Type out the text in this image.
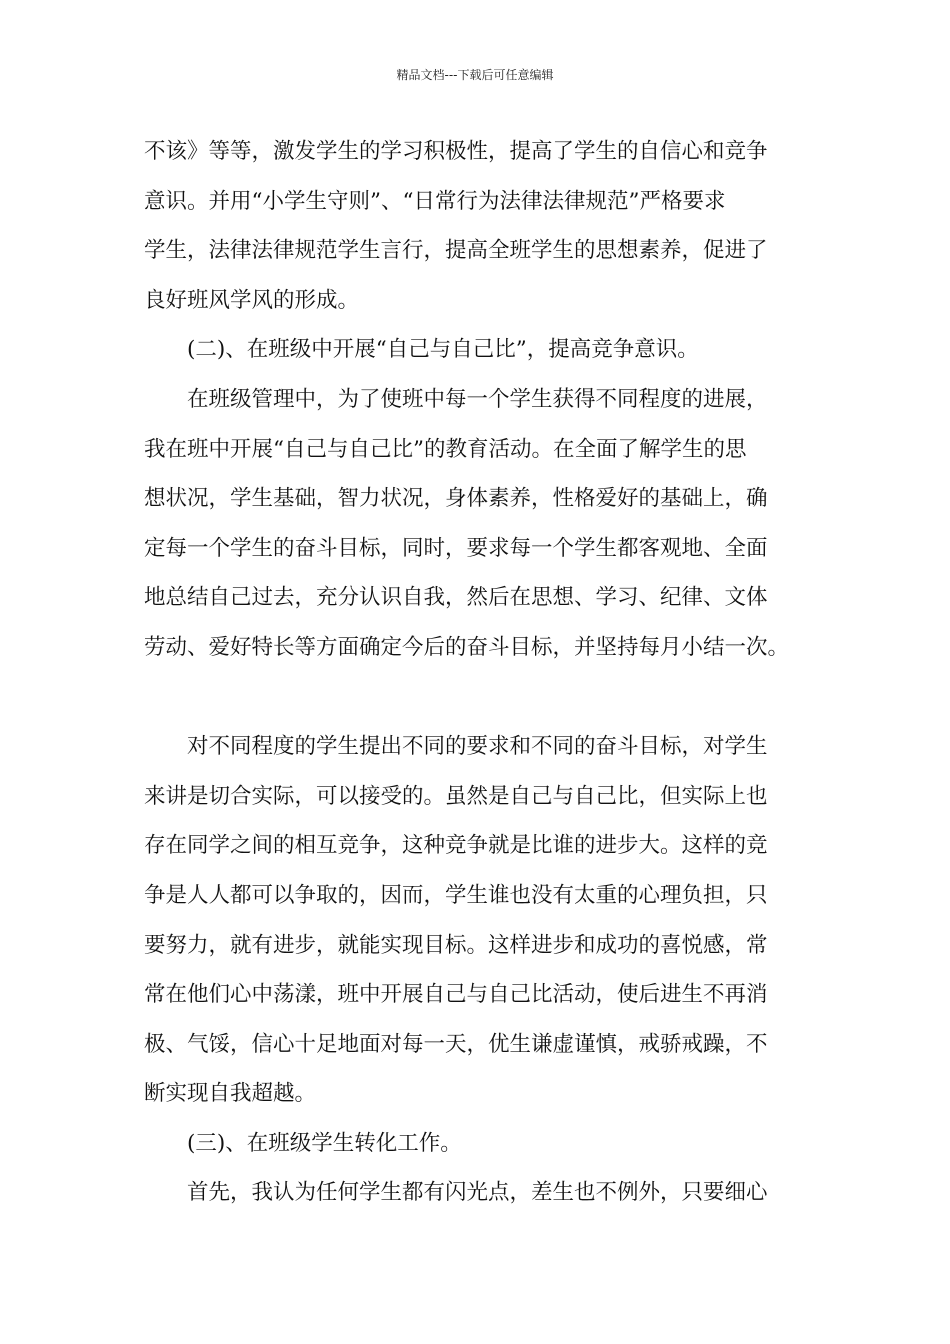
精品文档---下载后可任意编辑
不该》等等，激发学生的学习积极性，提高了学生的自信心和竞争
意识。并用“小学生守则”、“日常行为法律法律规范”严格要求
学生，法律法律规范学生言行，提高全班学生的思想素养，促进了
良好班风学风的形成。
(二)、在班级中开展“自己与自己比”，提高竞争意识。
在班级管理中，为了使班中每一个学生获得不同程度的进展，
我在班中开展“自己与自己比”的教育活动。在全面了解学生的思
想状况，学生基础，智力状况，身体素养，性格爱好的基础上，确
定每一个学生的奋斗目标，同时，要求每一个学生都客观地、全面
地总结自己过去，充分认识自我，然后在思想、学习、纪律、文体
劳动、爱好特长等方面确定今后的奋斗目标，并坚持每月小结一次。
对不同程度的学生提出不同的要求和不同的奋斗目标，对学生
来讲是切合实际，可以接受的。虽然是自己与自己比，但实际上也
存在同学之间的相互竞争，这种竞争就是比谁的进步大。这样的竞
争是人人都可以争取的，因而，学生谁也没有太重的心理负担，只
要努力，就有进步，就能实现目标。这样进步和成功的喜悦感，常
常在他们心中荡漾，班中开展自己与自己比活动，使后进生不再消
极、气馁，信心十足地面对每一天，优生谦虚谨慎，戒骄戒躁，不
断实现自我超越。
(三)、在班级学生转化工作。
首先，我认为任何学生都有闪光点，差生也不例外，只要细心
